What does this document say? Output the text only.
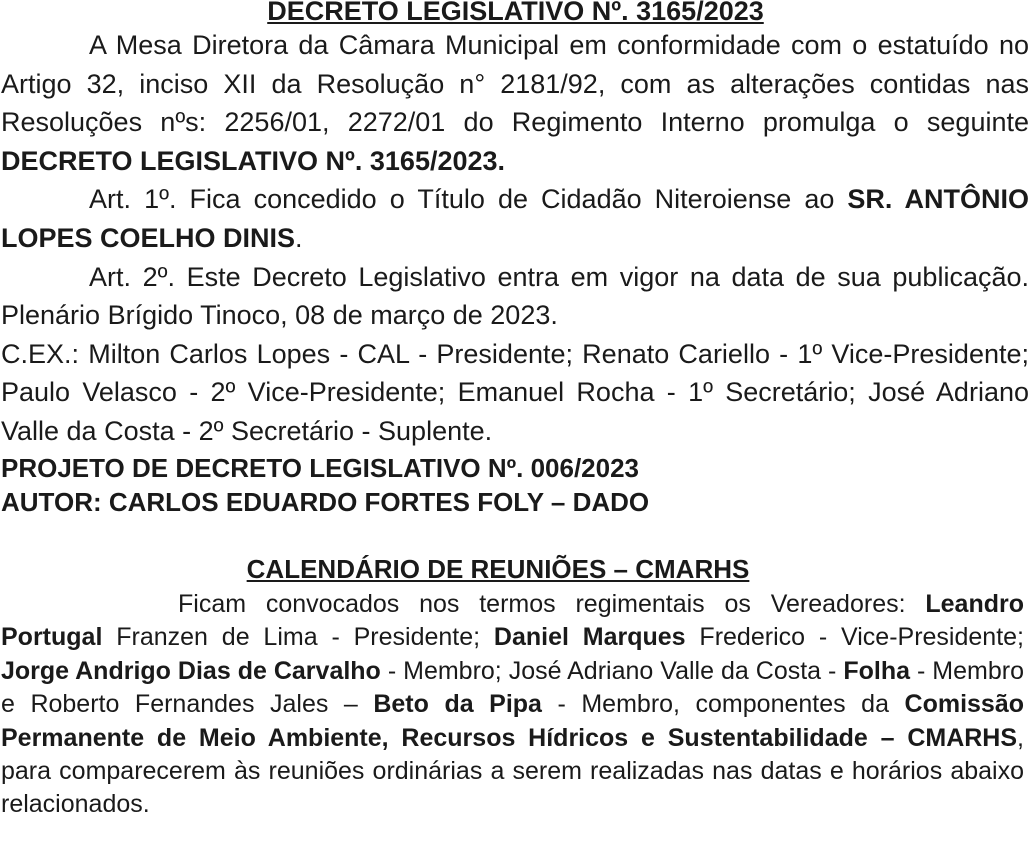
DECRETO LEGISLATIVO Nº. 3165/2023

A Mesa Diretora da Câmara Municipal em conformidade com o estatuído no Artigo 32, inciso XII da Resolução n° 2181/92, com as alterações contidas nas Resoluções nºs: 2256/01, 2272/01 do Regimento Interno promulga o seguinte DECRETO LEGISLATIVO Nº. 3165/2023.

Art. 1º. Fica concedido o Título de Cidadão Niteroiense ao SR. ANTÔNIO LOPES COELHO DINIS.

Art. 2º. Este Decreto Legislativo entra em vigor na data de sua publicação. Plenário Brígido Tinoco, 08 de março de 2023.

C.EX.: Milton Carlos Lopes - CAL - Presidente; Renato Cariello - 1º Vice-Presidente; Paulo Velasco - 2º Vice-Presidente; Emanuel Rocha - 1º Secretário; José Adriano Valle da Costa - 2º Secretário - Suplente.

PROJETO DE DECRETO LEGISLATIVO Nº. 006/2023

AUTOR: CARLOS EDUARDO FORTES FOLY – DADO

CALENDÁRIO DE REUNIÕES – CMARHS

Ficam convocados nos termos regimentais os Vereadores: Leandro Portugal Franzen de Lima - Presidente; Daniel Marques Frederico - Vice-Presidente; Jorge Andrigo Dias de Carvalho - Membro; José Adriano Valle da Costa - Folha - Membro e Roberto Fernandes Jales – Beto da Pipa - Membro, componentes da Comissão Permanente de Meio Ambiente, Recursos Hídricos e Sustentabilidade – CMARHS, para comparecerem às reuniões ordinárias a serem realizadas nas datas e horários abaixo relacionados.
